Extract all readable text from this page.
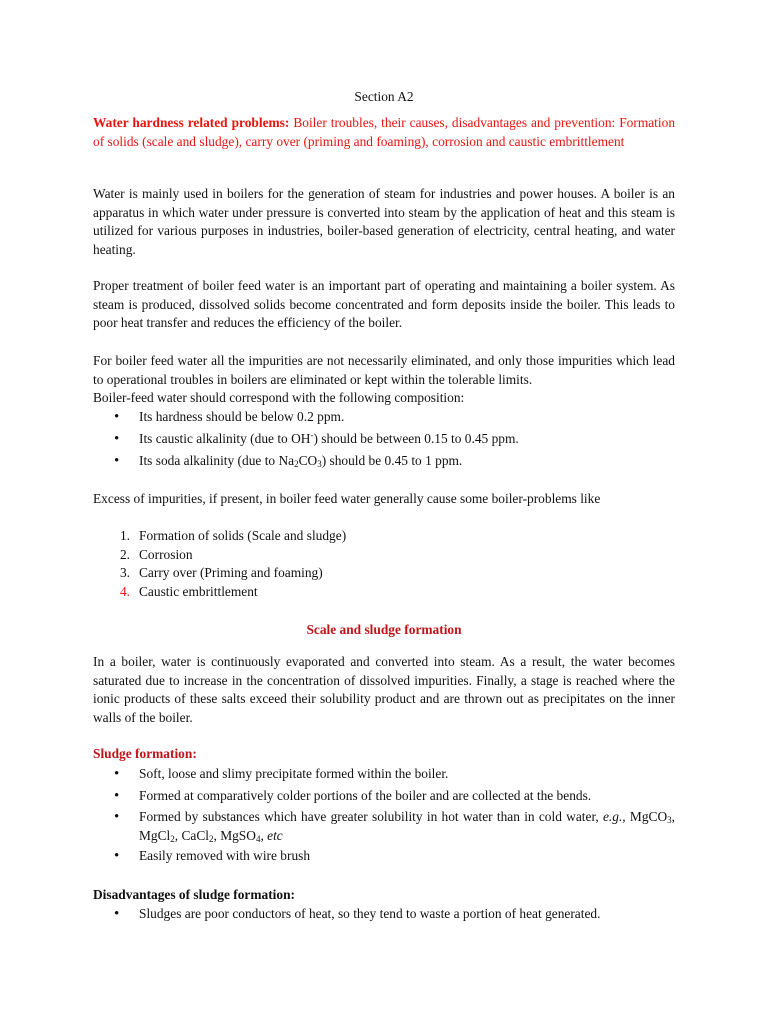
Section A2

Water hardness related problems: Boiler troubles, their causes, disadvantages and prevention: Formation of solids (scale and sludge), carry over (priming and foaming), corrosion and caustic embrittlement

Water is mainly used in boilers for the generation of steam for industries and power houses. A boiler is an apparatus in which water under pressure is converted into steam by the application of heat and this steam is utilized for various purposes in industries, boiler-based generation of electricity, central heating, and water heating.

Proper treatment of boiler feed water is an important part of operating and maintaining a boiler system. As steam is produced, dissolved solids become concentrated and form deposits inside the boiler. This leads to poor heat transfer and reduces the efficiency of the boiler.

For boiler feed water all the impurities are not necessarily eliminated, and only those impurities which lead to operational troubles in boilers are eliminated or kept within the tolerable limits.

Boiler-feed water should correspond with the following composition:

• Its hardness should be below 0.2 ppm.
• Its caustic alkalinity (due to OH-) should be between 0.15 to 0.45 ppm.
• Its soda alkalinity (due to $Na_2CO_3$) should be 0.45 to 1 ppm.

Excess of impurities, if present, in boiler feed water generally cause some boiler-problems like

1. Formation of solids (Scale and sludge)
2. Corrosion
3. Carry over (Priming and foaming)
4. Caustic embrittlement

Scale and sludge formation

In a boiler, water is continuously evaporated and converted into steam. As a result, the water becomes saturated due to increase in the concentration of dissolved impurities. Finally, a stage is reached where the ionic products of these salts exceed their solubility product and are thrown out as precipitates on the inner walls of the boiler.

Sludge formation:

• Soft, loose and slimy precipitate formed within the boiler.
• Formed at comparatively colder portions of the boiler and are collected at the bends.
• Formed by substances which have greater solubility in hot water than in cold water, e.g., MgCO$_3$, MgCl$_2$, CaCl$_2$, MgSO$_4$, etc
• Easily removed with wire brush

Disadvantages of sludge formation:

• Sludges are poor conductors of heat, so they tend to waste a portion of heat generated.
